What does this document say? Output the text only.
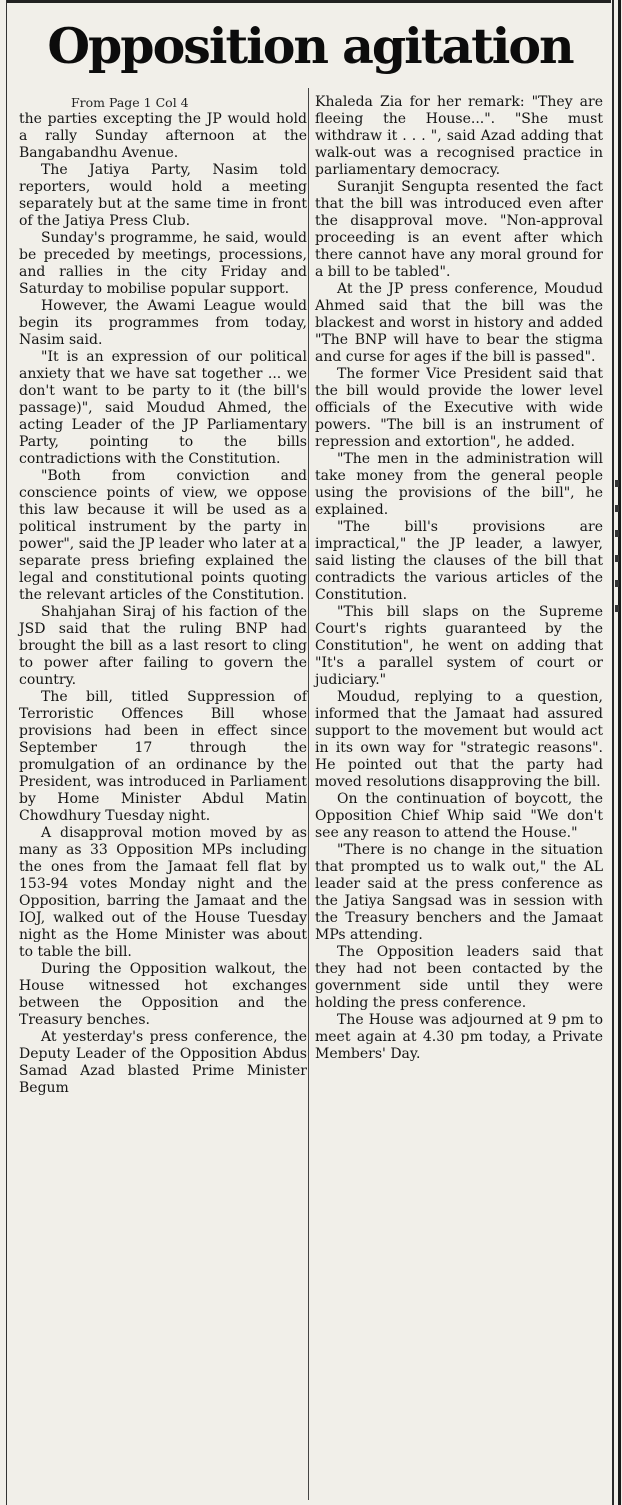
Opposition agitation

From Page 1 Col 4

the parties excepting the JP would hold a rally Sunday afternoon at the Bangabandhu Avenue.

The Jatiya Party, Nasim told reporters, would hold a meeting separately but at the same time in front of the Jatiya Press Club.

Sunday's programme, he said, would be preceded by meetings, processions, and rallies in the city Friday and Saturday to mobilise popular support.

However, the Awami League would begin its programmes from today, Nasim said.

"It is an expression of our political anxiety that we have sat together ... we don't want to be party to it (the bill's passage)", said Moudud Ahmed, the acting Leader of the JP Parliamentary Party, pointing to the bills contradictions with the Constitution.

"Both from conviction and conscience points of view, we oppose this law because it will be used as a political instrument by the party in power", said the JP leader who later at a separate press briefing explained the legal and constitutional points quoting the relevant articles of the Constitution.

Shahjahan Siraj of his faction of the JSD said that the ruling BNP had brought the bill as a last resort to cling to power after failing to govern the country.

The bill, titled Suppression of Terroristic Offences Bill whose provisions had been in effect since September 17 through the promulgation of an ordinance by the President, was introduced in Parliament by Home Minister Abdul Matin Chowdhury Tuesday night.

A disapproval motion moved by as many as 33 Opposition MPs including the ones from the Jamaat fell flat by 153-94 votes Monday night and the Opposition, barring the Jamaat and the IOJ, walked out of the House Tuesday night as the Home Minister was about to table the bill.

During the Opposition walkout, the House witnessed hot exchanges between the Opposition and the Treasury benches.

At yesterday's press conference, the Deputy Leader of the Opposition Abdus Samad Azad blasted Prime Minister Begum

Khaleda Zia for her remark: "They are fleeing the House...". "She must withdraw it . . . ", said Azad adding that walk-out was a recognised practice in parliamentary democracy.

Suranjit Sengupta resented the fact that the bill was introduced even after the disapproval move. "Non-approval proceeding is an event after which there cannot have any moral ground for a bill to be tabled".

At the JP press conference, Moudud Ahmed said that the bill was the blackest and worst in history and added "The BNP will have to bear the stigma and curse for ages if the bill is passed".

The former Vice President said that the bill would provide the lower level officials of the Executive with wide powers. "The bill is an instrument of repression and extortion", he added.

"The men in the administration will take money from the general people using the provisions of the bill", he explained.

"The bill's provisions are impractical," the JP leader, a lawyer, said listing the clauses of the bill that contradicts the various articles of the Constitution.

"This bill slaps on the Supreme Court's rights guaranteed by the Constitution", he went on adding that "It's a parallel system of court or judiciary."

Moudud, replying to a question, informed that the Jamaat had assured support to the movement but would act in its own way for "strategic reasons". He pointed out that the party had moved resolutions disapproving the bill.

On the continuation of boycott, the Opposition Chief Whip said "We don't see any reason to attend the House."

"There is no change in the situation that prompted us to walk out," the AL leader said at the press conference as the Jatiya Sangsad was in session with the Treasury benchers and the Jamaat MPs attending.

The Opposition leaders said that they had not been contacted by the government side until they were holding the press conference.

The House was adjourned at 9 pm to meet again at 4.30 pm today, a Private Members' Day.
